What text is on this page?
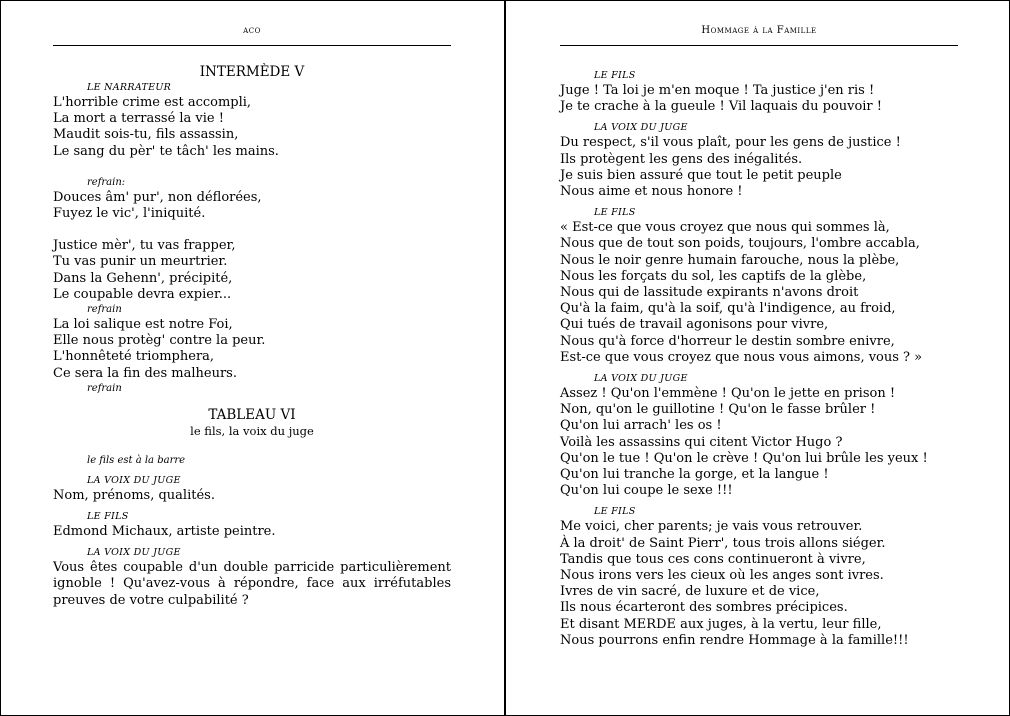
aco
INTERMÈDE V
LE NARRATEUR
L'horrible crime est accompli,
La mort a terrassé la vie !
Maudit sois-tu, fils assassin,
Le sang du pèr' te tâch' les mains.
refrain:
Douces âm' pur', non déflorées,
Fuyez le vic', l'iniquité.
Justice mèr', tu vas frapper,
Tu vas punir un meurtrier.
Dans la Gehenn', précipité,
Le coupable devra expier...
refrain
La loi salique est notre Foi,
Elle nous protèg' contre la peur.
L'honnêteté triomphera,
Ce sera la fin des malheurs.
refrain
TABLEAU VI
le fils, la voix du juge
le fils est à la barre
LA VOIX DU JUGE
Nom, prénoms, qualités.
LE FILS
Edmond Michaux, artiste peintre.
LA VOIX DU JUGE
Vous êtes coupable d'un double parricide particulièrement ignoble ! Qu'avez-vous à répondre, face aux irréfutables preuves de votre culpabilité ?
Hommage à la Famille
LE FILS
Juge ! Ta loi je m'en moque ! Ta justice j'en ris !
Je te crache à la gueule ! Vil laquais du pouvoir !
LA VOIX DU JUGE
Du respect, s'il vous plaît, pour les gens de justice !
Ils protègent les gens des inégalités.
Je suis bien assuré que tout le petit peuple
Nous aime et nous honore !
LE FILS
« Est-ce que vous croyez que nous qui sommes là,
Nous que de tout son poids, toujours, l'ombre accabla,
Nous le noir genre humain farouche, nous la plèbe,
Nous les forçats du sol, les captifs de la glèbe,
Nous qui de lassitude expirants n'avons droit
Qu'à la faim, qu'à la soif, qu'à l'indigence, au froid,
Qui tués de travail agonisons pour vivre,
Nous qu'à force d'horreur le destin sombre enivre,
Est-ce que vous croyez que nous vous aimons, vous ? »
LA VOIX DU JUGE
Assez ! Qu'on l'emmène ! Qu'on le jette en prison !
Non, qu'on le guillotine ! Qu'on le fasse brûler !
Qu'on lui arrach' les os !
Voilà les assassins qui citent Victor Hugo ?
Qu'on le tue ! Qu'on le crève ! Qu'on lui brûle les yeux !
Qu'on lui tranche la gorge, et la langue !
Qu'on lui coupe le sexe !!!
LE FILS
Me voici, cher parents; je vais vous retrouver.
À la droit' de Saint Pierr', tous trois allons siéger.
Tandis que tous ces cons continueront à vivre,
Nous irons vers les cieux où les anges sont ivres.
Ivres de vin sacré, de luxure et de vice,
Ils nous écarteront des sombres précipices.
Et disant MERDE aux juges, à la vertu, leur fille,
Nous pourrons enfin rendre Hommage à la famille!!!
